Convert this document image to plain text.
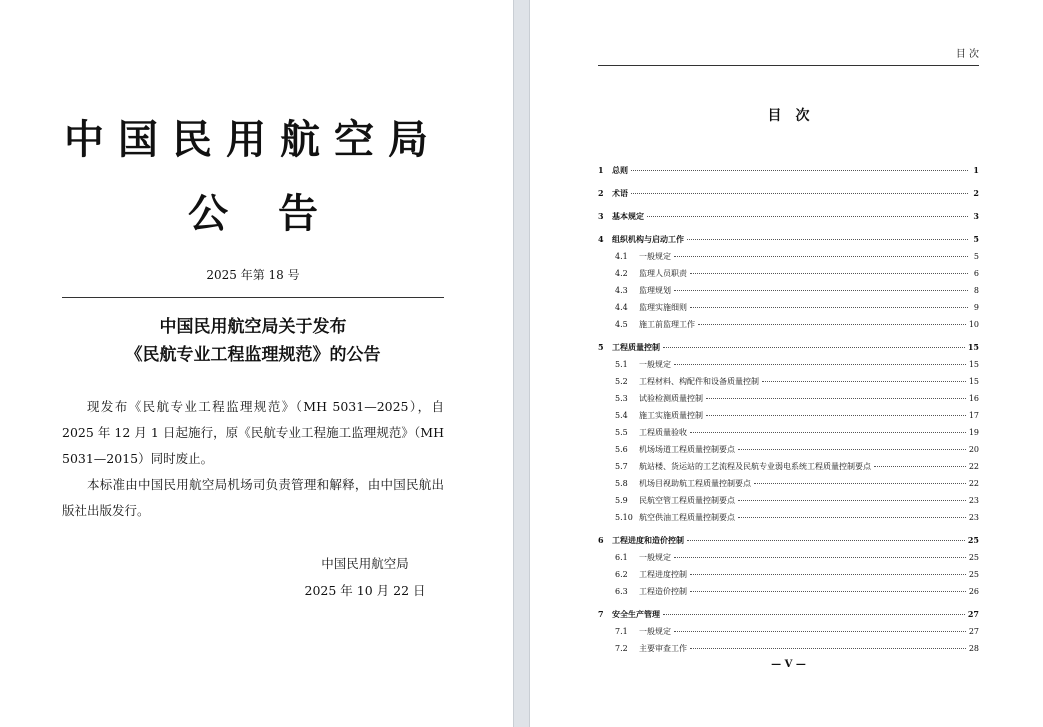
中国民用航空局
公告
2025 年第 18 号
中国民用航空局关于发布
《民航专业工程监理规范》的公告

现发布《民航专业工程监理规范》（MH 5031—2025），自 2025 年 12 月 1 日起施行，原《民航专业工程施工监理规范》（MH 5031—2015）同时废止。

本标准由中国民用航空局机场司负责管理和解释，由中国民航出版社出版发行。

中国民用航空局
2025 年 10 月 22 日
目 次
目　次
1	总则	1
2	术语	2
3	基本规定	3
4	组织机构与启动工作	5
4.1	一般规定	5
4.2	监理人员职责	6
4.3	监理规划	8
4.4	监理实施细则	9
4.5	施工前监理工作	10
5	工程质量控制	15
5.1	一般规定	15
5.2	工程材料、构配件和设备质量控制	15
5.3	试验检测质量控制	16
5.4	施工实施质量控制	17
5.5	工程质量验收	19
5.6	机场场道工程质量控制要点	20
5.7	航站楼、货运站的工艺流程及民航专业弱电系统工程质量控制要点	22
5.8	机场目视助航工程质量控制要点	22
5.9	民航空管工程质量控制要点	23
5.10 航空供油工程质量控制要点	23
6	工程进度和造价控制	25
6.1	一般规定	25
6.2	工程进度控制	25
6.3	工程造价控制	26
7	安全生产管理	27
7.1	一般规定	27
7.2	主要审查工作	28
— V —
